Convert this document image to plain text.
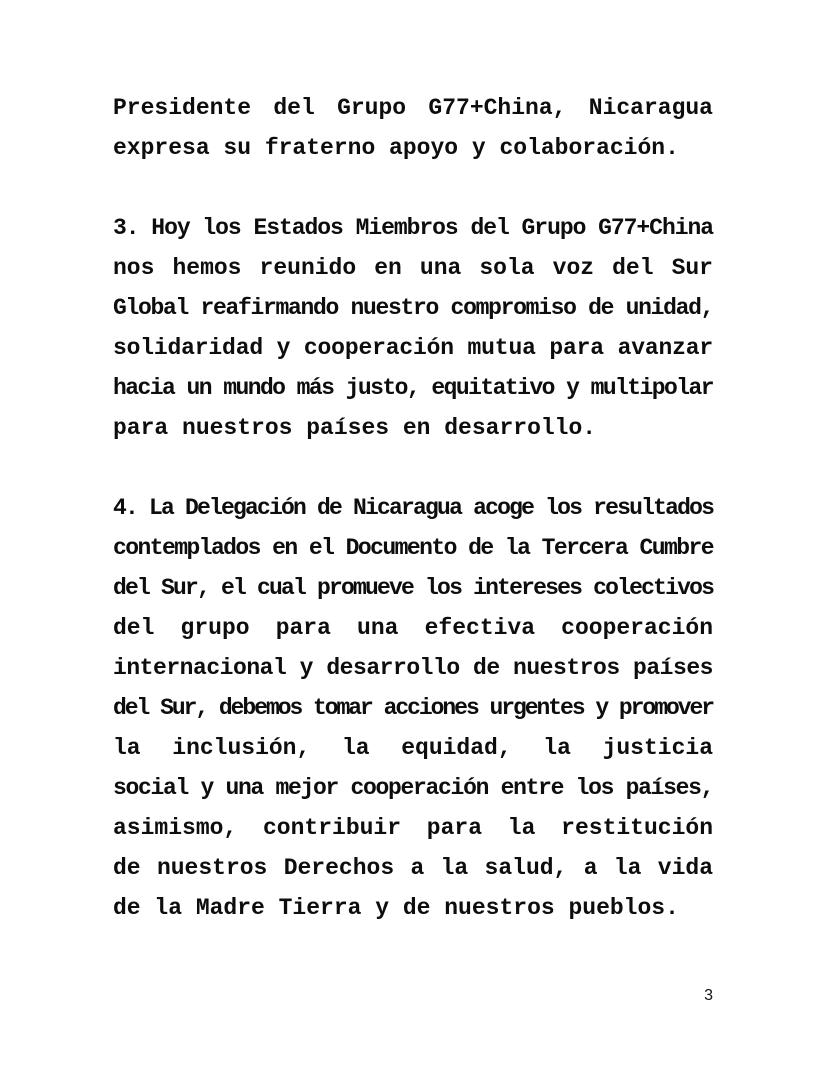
Presidente del Grupo G77+China, Nicaragua
expresa su fraterno apoyo y colaboración.
3. Hoy los Estados Miembros del Grupo G77+China
nos hemos reunido en una sola voz del Sur
Global reafirmando nuestro compromiso de unidad,
solidaridad y cooperación mutua para avanzar
hacia un mundo más justo, equitativo y multipolar
para nuestros países en desarrollo.
4. La Delegación de Nicaragua acoge los resultados
contemplados en el Documento de la Tercera Cumbre
del Sur, el cual promueve los intereses colectivos
del grupo para una efectiva cooperación
internacional y desarrollo de nuestros países
del Sur, debemos tomar acciones urgentes y promover
la inclusión, la equidad, la justicia
social y una mejor cooperación entre los países,
asimismo, contribuir para la restitución
de nuestros Derechos a la salud, a la vida
de la Madre Tierra y de nuestros pueblos.
3
